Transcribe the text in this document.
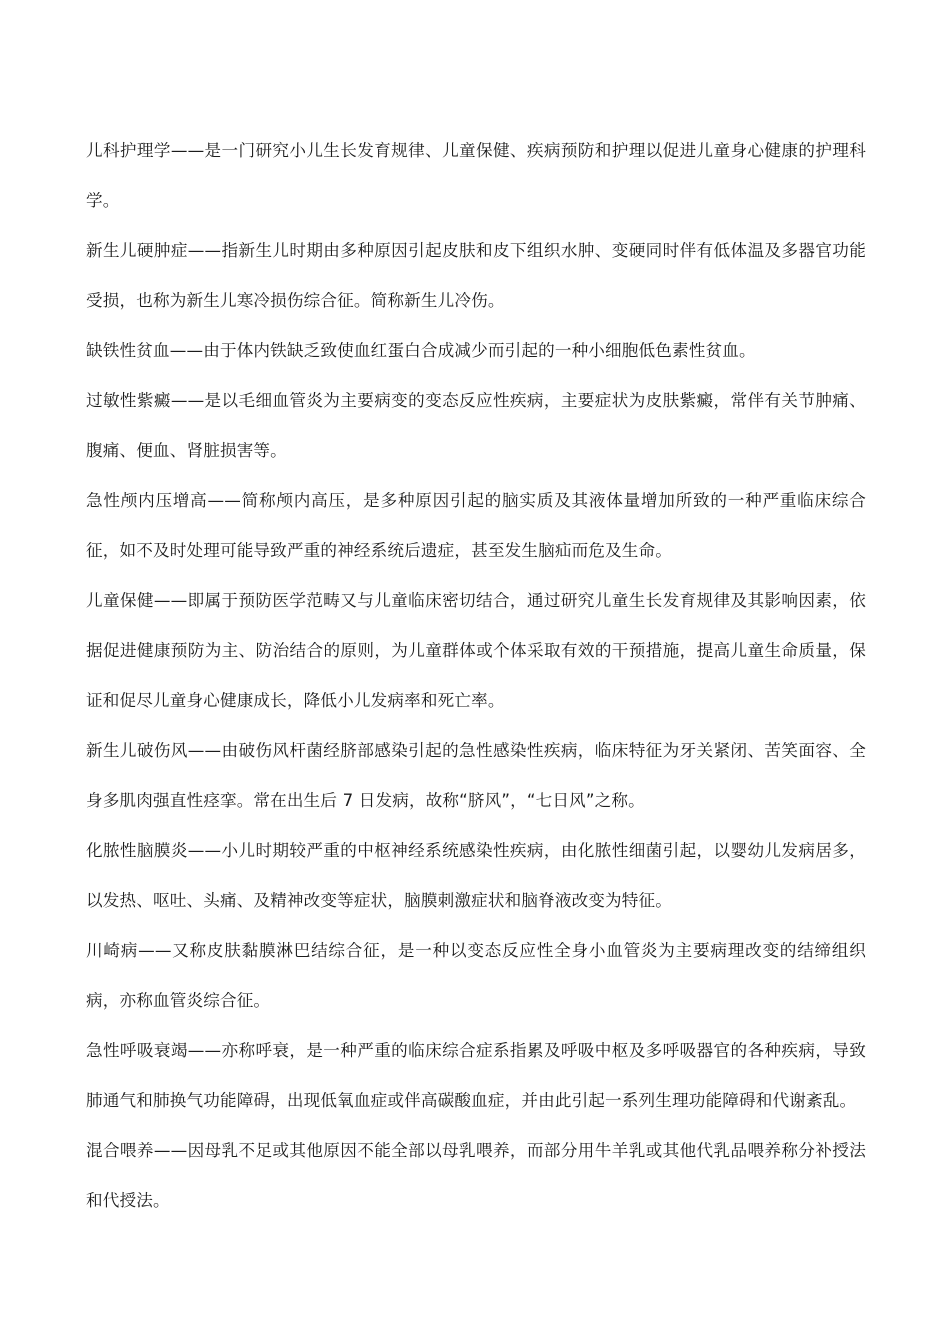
儿科护理学——是一门研究小儿生长发育规律、儿童保健、疾病预防和护理以促进儿童身心健康的护理科学。

新生儿硬肿症——指新生儿时期由多种原因引起皮肤和皮下组织水肿、变硬同时伴有低体温及多器官功能受损，也称为新生儿寒冷损伤综合征。简称新生儿冷伤。

缺铁性贫血——由于体内铁缺乏致使血红蛋白合成减少而引起的一种小细胞低色素性贫血。

过敏性紫癜——是以毛细血管炎为主要病变的变态反应性疾病，主要症状为皮肤紫癜，常伴有关节肿痛、腹痛、便血、肾脏损害等。

急性颅内压增高——简称颅内高压，是多种原因引起的脑实质及其液体量增加所致的一种严重临床综合征，如不及时处理可能导致严重的神经系统后遗症，甚至发生脑疝而危及生命。

儿童保健——即属于预防医学范畴又与儿童临床密切结合，通过研究儿童生长发育规律及其影响因素，依据促进健康预防为主、防治结合的原则，为儿童群体或个体采取有效的干预措施，提高儿童生命质量，保证和促尽儿童身心健康成长，降低小儿发病率和死亡率。

新生儿破伤风——由破伤风杆菌经脐部感染引起的急性感染性疾病，临床特征为牙关紧闭、苦笑面容、全身多肌肉强直性痉挛。常在出生后 7 日发病，故称“脐风”，“七日风”之称。

化脓性脑膜炎——小儿时期较严重的中枢神经系统感染性疾病，由化脓性细菌引起，以婴幼儿发病居多，以发热、呕吐、头痛、及精神改变等症状，脑膜刺激症状和脑脊液改变为特征。

川崎病——又称皮肤黏膜淋巴结综合征，是一种以变态反应性全身小血管炎为主要病理改变的结缔组织病，亦称血管炎综合征。

急性呼吸衰竭——亦称呼衰，是一种严重的临床综合症系指累及呼吸中枢及多呼吸器官的各种疾病，导致肺通气和肺换气功能障碍，出现低氧血症或伴高碳酸血症，并由此引起一系列生理功能障碍和代谢紊乱。

混合喂养——因母乳不足或其他原因不能全部以母乳喂养，而部分用牛羊乳或其他代乳品喂养称分补授法和代授法。
